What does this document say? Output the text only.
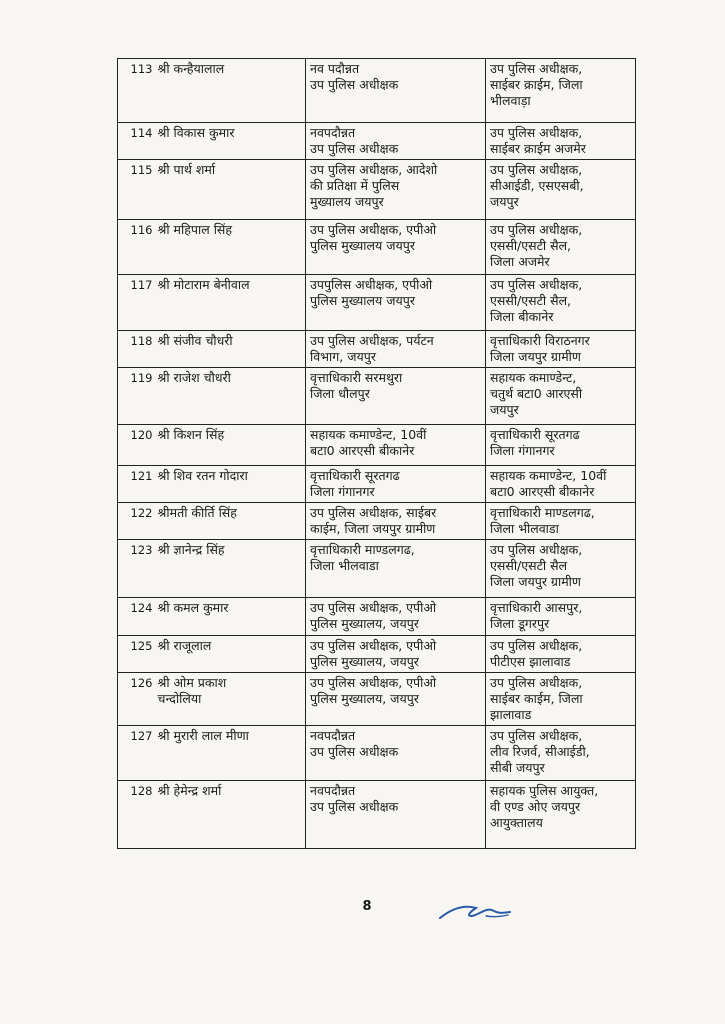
113	श्री कन्हैयालाल	नव पदौन्नत
उप पुलिस अधीक्षक	उप पुलिस अधीक्षक,
साईबर क्राईम, जिला
भीलवाड़ा

114	श्री विकास कुमार	नवपदौन्नत
उप पुलिस अधीक्षक	उप पुलिस अधीक्षक,
साईबर क्राईम अजमेर

115	श्री पार्थ शर्मा	उप पुलिस अधीक्षक, आदेशो
की प्रतिक्षा में पुलिस
मुख्यालय जयपुर	उप पुलिस अधीक्षक,
सीआईडी, एसएसबी,
जयपुर

116	श्री महिपाल सिंह	उप पुलिस अधीक्षक, एपीओ
पुलिस मुख्यालय जयपुर	उप पुलिस अधीक्षक,
एससी/एसटी सैल,
जिला अजमेर

117	श्री मोटाराम बेनीवाल	उपपुलिस अधीक्षक, एपीओ
पुलिस मुख्यालय जयपुर	उप पुलिस अधीक्षक,
एससी/एसटी सैल,
जिला बीकानेर

118	श्री संजीव चौधरी	उप पुलिस अधीक्षक, पर्यटन
विभाग, जयपुर	वृत्ताधिकारी विराठनगर
जिला जयपुर ग्रामीण

119	श्री राजेश चौधरी	वृत्ताधिकारी सरमथुरा
जिला धौलपुर	सहायक कमाण्डेन्ट,
चतुर्थ बटा0 आरएसी
जयपुर

120	श्री किशन सिंह	सहायक कमाण्डेन्ट, 10वीं
बटा0 आरएसी बीकानेर	वृत्ताधिकारी सूरतगढ
जिला गंगानगर

121	श्री शिव रतन गोदारा	वृत्ताधिकारी सूरतगढ
जिला गंगानगर	सहायक कमाण्डेन्ट, 10वीं
बटा0 आरएसी बीकानेर

122	श्रीमती कीर्ति सिंह	उप पुलिस अधीक्षक, साईबर
काईम, जिला जयपुर ग्रामीण	वृत्ताधिकारी माण्डलगढ,
जिला भीलवाडा

123	श्री ज्ञानेन्द्र सिंह	वृत्ताधिकारी माण्डलगढ,
जिला भीलवाडा	उप पुलिस अधीक्षक,
एससी/एसटी सैल
जिला जयपुर ग्रामीण

124	श्री कमल कुमार	उप पुलिस अधीक्षक, एपीओ
पुलिस मुख्यालय, जयपुर	वृत्ताधिकारी आसपुर,
जिला डूगरपुर

125	श्री राजूलाल	उप पुलिस अधीक्षक, एपीओ
पुलिस मुख्यालय, जयपुर	उप पुलिस अधीक्षक,
पीटीएस झालावाड

126	श्री ओम प्रकाश
चन्दोलिया	उप पुलिस अधीक्षक, एपीओ
पुलिस मुख्यालय, जयपुर	उप पुलिस अधीक्षक,
साईबर काईम, जिला
झालावाड

127	श्री मुरारी लाल मीणा	नवपदौन्नत
उप पुलिस अधीक्षक	उप पुलिस अधीक्षक,
लीव रिजर्व, सीआईडी,
सीबी जयपुर

128	श्री हेमेन्द्र शर्मा	नवपदौन्नत
उप पुलिस अधीक्षक	सहायक पुलिस आयुक्त,
वी एण्ड ओए जयपुर
आयुक्तालय
8
